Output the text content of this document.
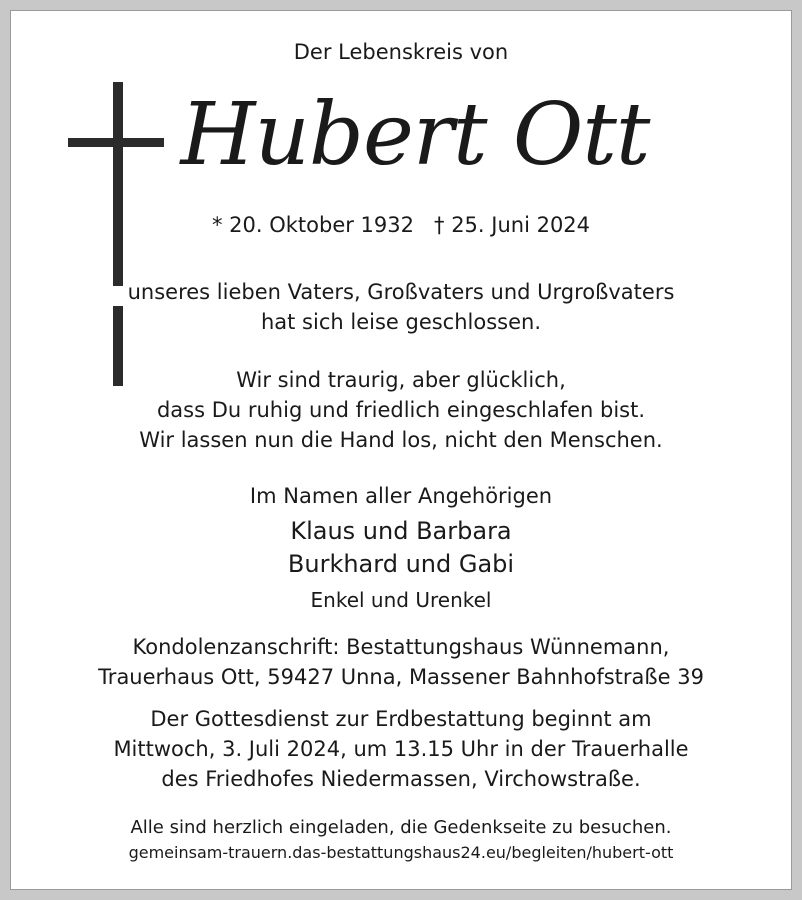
Der Lebenskreis von
Hubert Ott
* 20. Oktober 1932   † 25. Juni 2024
unseres lieben Vaters, Großvaters und Urgroßvaters
hat sich leise geschlossen.
Wir sind traurig, aber glücklich,
dass Du ruhig und friedlich eingeschlafen bist.
Wir lassen nun die Hand los, nicht den Menschen.
Im Namen aller Angehörigen
Klaus und Barbara
Burkhard und Gabi
Enkel und Urenkel
Kondolenzanschrift: Bestattungshaus Wünnemann,
Trauerhaus Ott, 59427 Unna, Massener Bahnhofstraße 39
Der Gottesdienst zur Erdbestattung beginnt am
Mittwoch, 3. Juli 2024, um 13.15 Uhr in der Trauerhalle
des Friedhofes Niedermassen, Virchowstraße.
Alle sind herzlich eingeladen, die Gedenkseite zu besuchen.
gemeinsam-trauern.das-bestattungshaus24.eu/begleiten/hubert-ott
